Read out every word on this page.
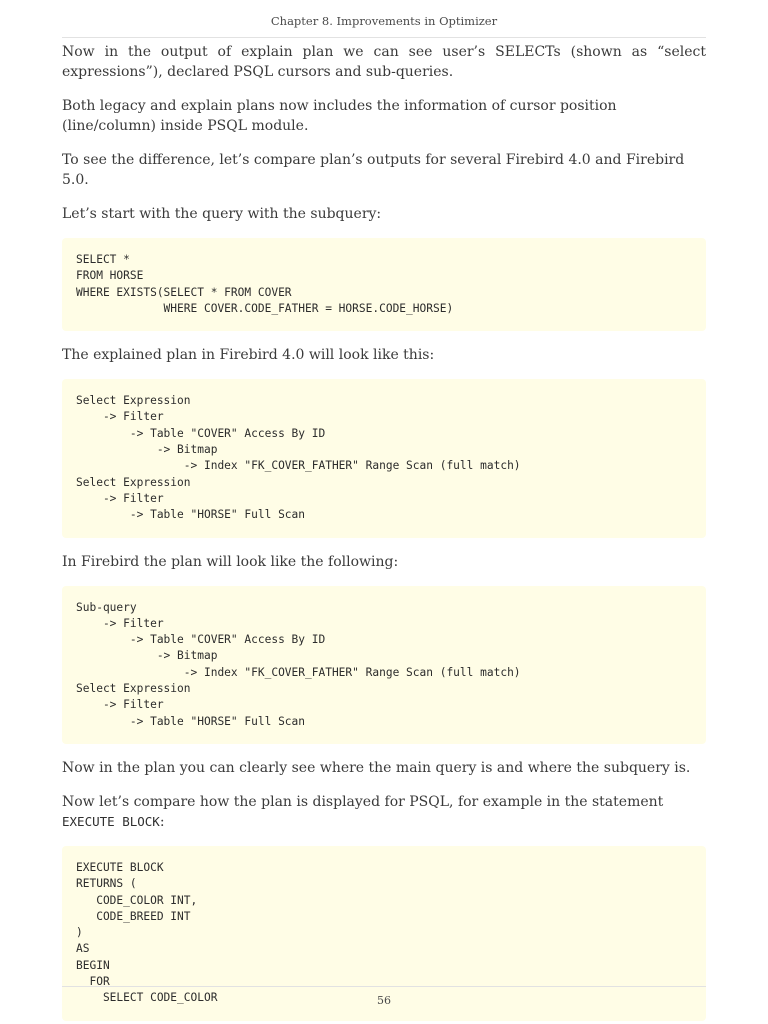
Chapter 8. Improvements in Optimizer

Now in the output of explain plan we can see user’s SELECTs (shown as “select expressions”), declared PSQL cursors and sub-queries.

Both legacy and explain plans now includes the information of cursor position (line/column) inside PSQL module.

To see the difference, let’s compare plan’s outputs for several Firebird 4.0 and Firebird 5.0.

Let’s start with the query with the subquery:

SELECT *
FROM HORSE
WHERE EXISTS(SELECT * FROM COVER
WHERE COVER.CODE_FATHER = HORSE.CODE_HORSE)

The explained plan in Firebird 4.0 will look like this:

Select Expression
-> Filter
-> Table "COVER" Access By ID
-> Bitmap
-> Index "FK_COVER_FATHER" Range Scan (full match)
Select Expression
-> Filter
-> Table "HORSE" Full Scan

In Firebird the plan will look like the following:

Sub-query
-> Filter
-> Table "COVER" Access By ID
-> Bitmap
-> Index "FK_COVER_FATHER" Range Scan (full match)
Select Expression
-> Filter
-> Table "HORSE" Full Scan

Now in the plan you can clearly see where the main query is and where the subquery is.

Now let’s compare how the plan is displayed for PSQL, for example in the statement EXECUTE BLOCK:

EXECUTE BLOCK
RETURNS (
CODE_COLOR INT,
CODE_BREED INT
)
AS
BEGIN
FOR
SELECT CODE_COLOR	56
